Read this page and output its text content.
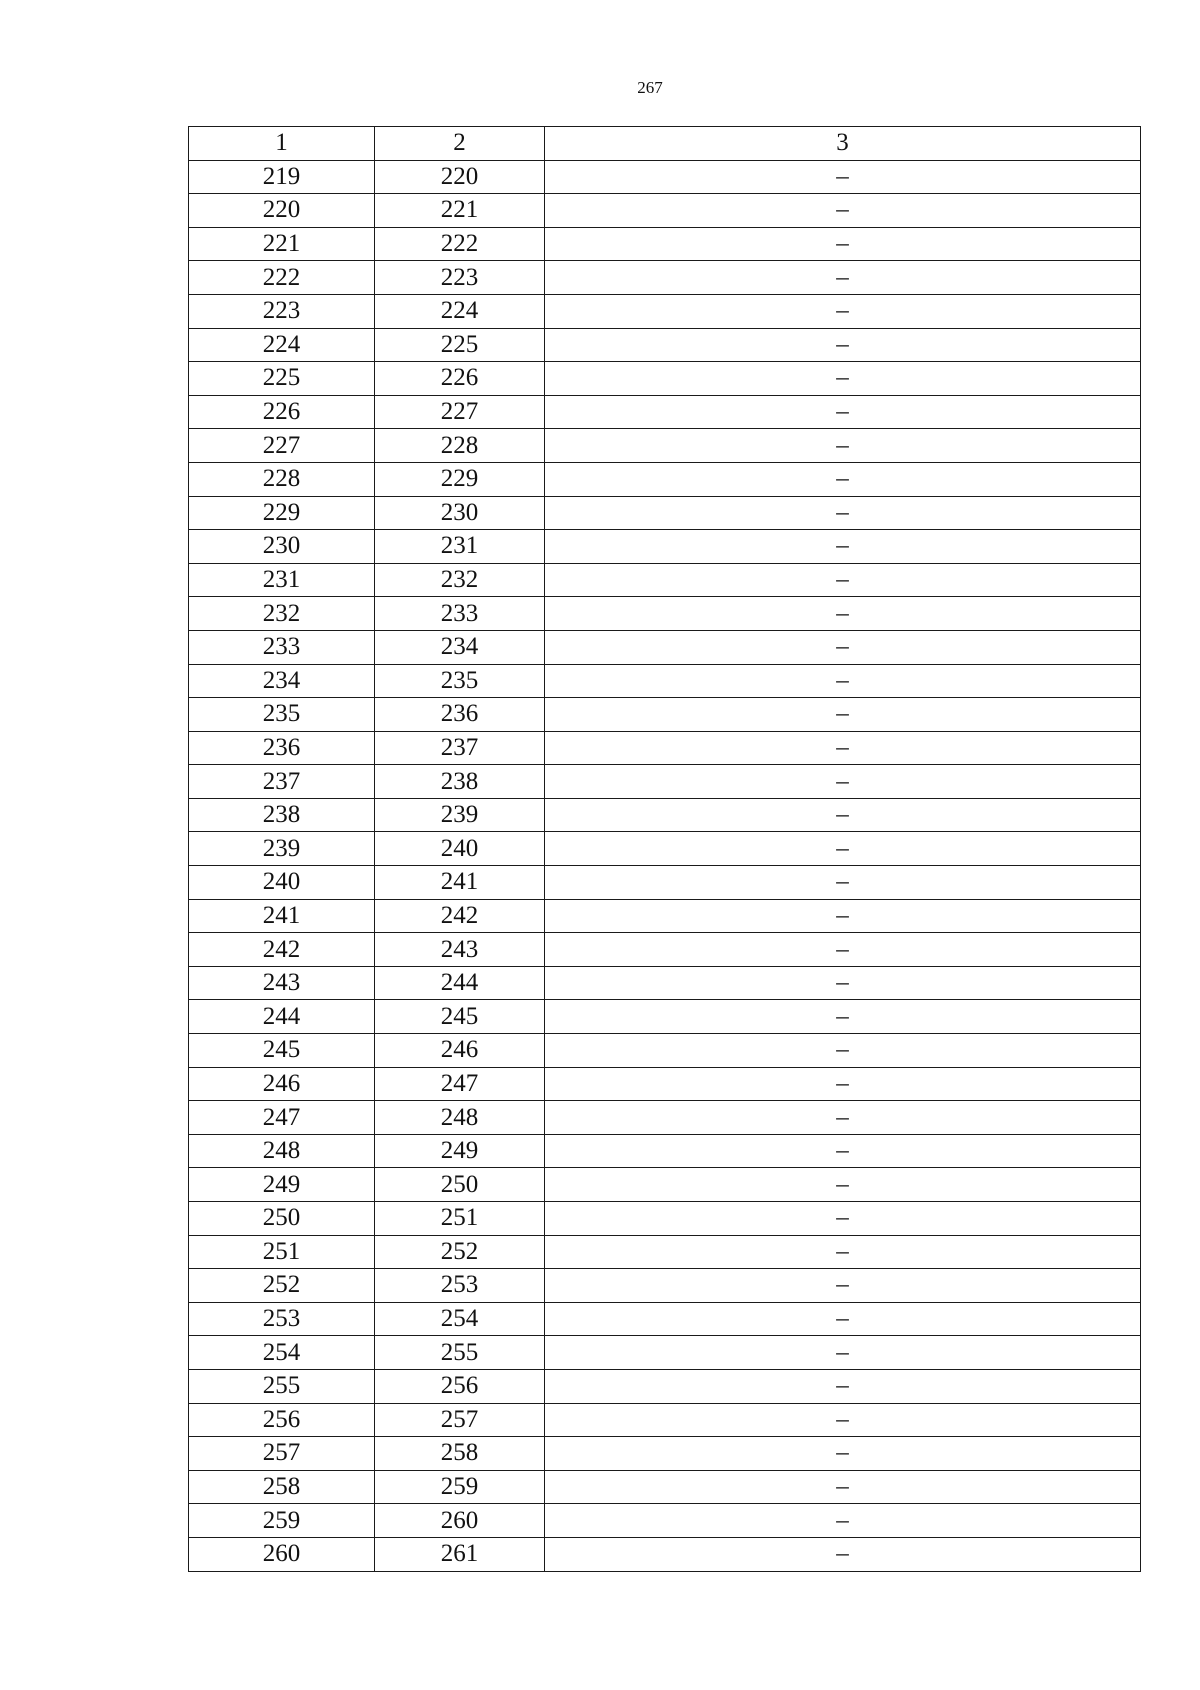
267
1	2	3
219	220	–
220	221	–
221	222	–
222	223	–
223	224	–
224	225	–
225	226	–
226	227	–
227	228	–
228	229	–
229	230	–
230	231	–
231	232	–
232	233	–
233	234	–
234	235	–
235	236	–
236	237	–
237	238	–
238	239	–
239	240	–
240	241	–
241	242	–
242	243	–
243	244	–
244	245	–
245	246	–
246	247	–
247	248	–
248	249	–
249	250	–
250	251	–
251	252	–
252	253	–
253	254	–
254	255	–
255	256	–
256	257	–
257	258	–
258	259	–
259	260	–
260	261	–
